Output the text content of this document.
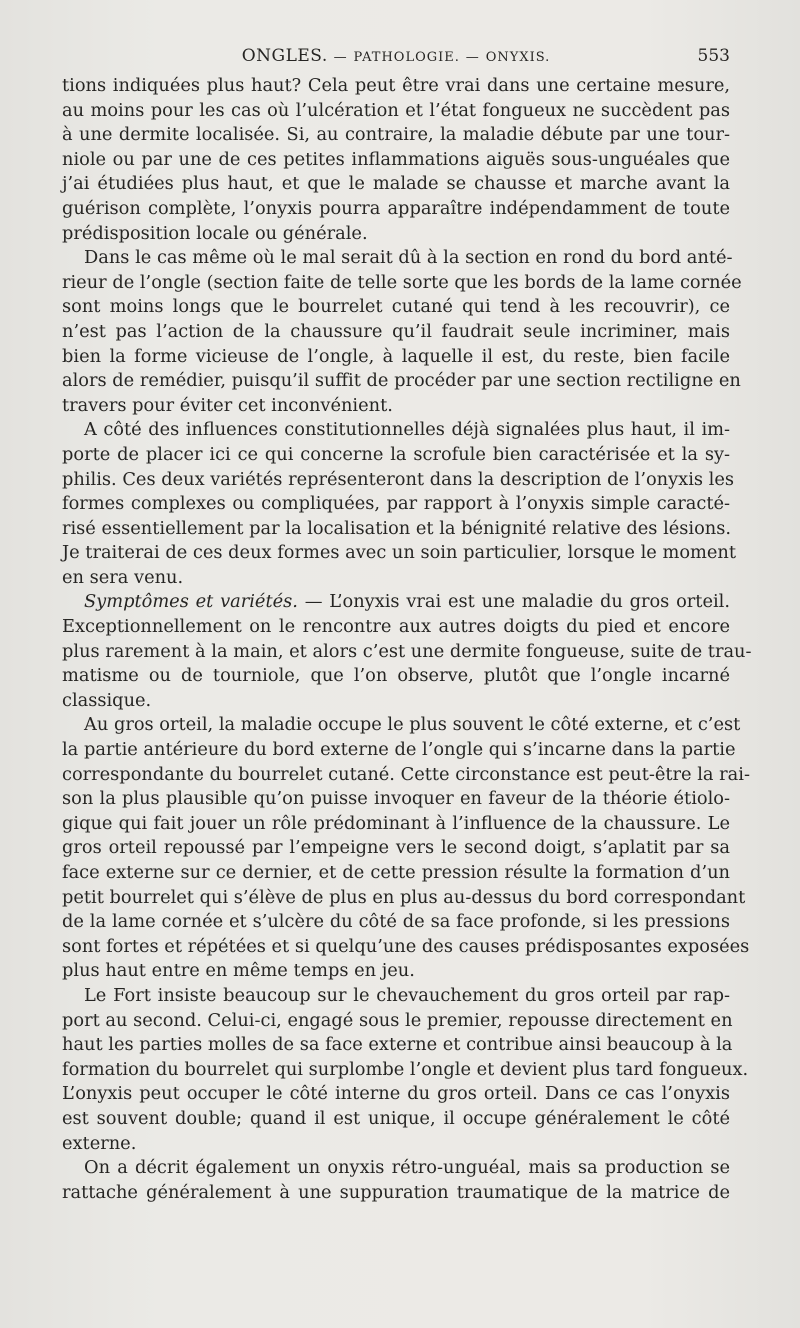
ONGLES. — PATHOLOGIE. — ONYXIS.	553
tions indiquées plus haut? Cela peut être vrai dans une certaine mesure,
au moins pour les cas où l’ulcération et l’état fongueux ne succèdent pas
à une dermite localisée. Si, au contraire, la maladie débute par une tour-
niole ou par une de ces petites inflammations aiguës sous-unguéales que
j’ai étudiées plus haut, et que le malade se chausse et marche avant la
guérison complète, l’onyxis pourra apparaître indépendamment de toute
prédisposition locale ou générale.
Dans le cas même où le mal serait dû à la section en rond du bord anté-
rieur de l’ongle (section faite de telle sorte que les bords de la lame cornée
sont moins longs que le bourrelet cutané qui tend à les recouvrir), ce
n’est pas l’action de la chaussure qu’il faudrait seule incriminer, mais
bien la forme vicieuse de l’ongle, à laquelle il est, du reste, bien facile
alors de remédier, puisqu’il suffit de procéder par une section rectiligne en
travers pour éviter cet inconvénient.
A côté des influences constitutionnelles déjà signalées plus haut, il im-
porte de placer ici ce qui concerne la scrofule bien caractérisée et la sy-
philis. Ces deux variétés représenteront dans la description de l’onyxis les
formes complexes ou compliquées, par rapport à l’onyxis simple caracté-
risé essentiellement par la localisation et la bénignité relative des lésions.
Je traiterai de ces deux formes avec un soin particulier, lorsque le moment
en sera venu.
Symptômes et variétés. — L’onyxis vrai est une maladie du gros orteil.
Exceptionnellement on le rencontre aux autres doigts du pied et encore
plus rarement à la main, et alors c’est une dermite fongueuse, suite de trau-
matisme ou de tourniole, que l’on observe, plutôt que l’ongle incarné
classique.
Au gros orteil, la maladie occupe le plus souvent le côté externe, et c’est
la partie antérieure du bord externe de l’ongle qui s’incarne dans la partie
correspondante du bourrelet cutané. Cette circonstance est peut-être la rai-
son la plus plausible qu’on puisse invoquer en faveur de la théorie étiolo-
gique qui fait jouer un rôle prédominant à l’influence de la chaussure. Le
gros orteil repoussé par l’empeigne vers le second doigt, s’aplatit par sa
face externe sur ce dernier, et de cette pression résulte la formation d’un
petit bourrelet qui s’élève de plus en plus au-dessus du bord correspondant
de la lame cornée et s’ulcère du côté de sa face profonde, si les pressions
sont fortes et répétées et si quelqu’une des causes prédisposantes exposées
plus haut entre en même temps en jeu.
Le Fort insiste beaucoup sur le chevauchement du gros orteil par rap-
port au second. Celui-ci, engagé sous le premier, repousse directement en
haut les parties molles de sa face externe et contribue ainsi beaucoup à la
formation du bourrelet qui surplombe l’ongle et devient plus tard fongueux.
L’onyxis peut occuper le côté interne du gros orteil. Dans ce cas l’onyxis
est souvent double; quand il est unique, il occupe généralement le côté
externe.
On a décrit également un onyxis rétro-unguéal, mais sa production se
rattache généralement à une suppuration traumatique de la matrice de
